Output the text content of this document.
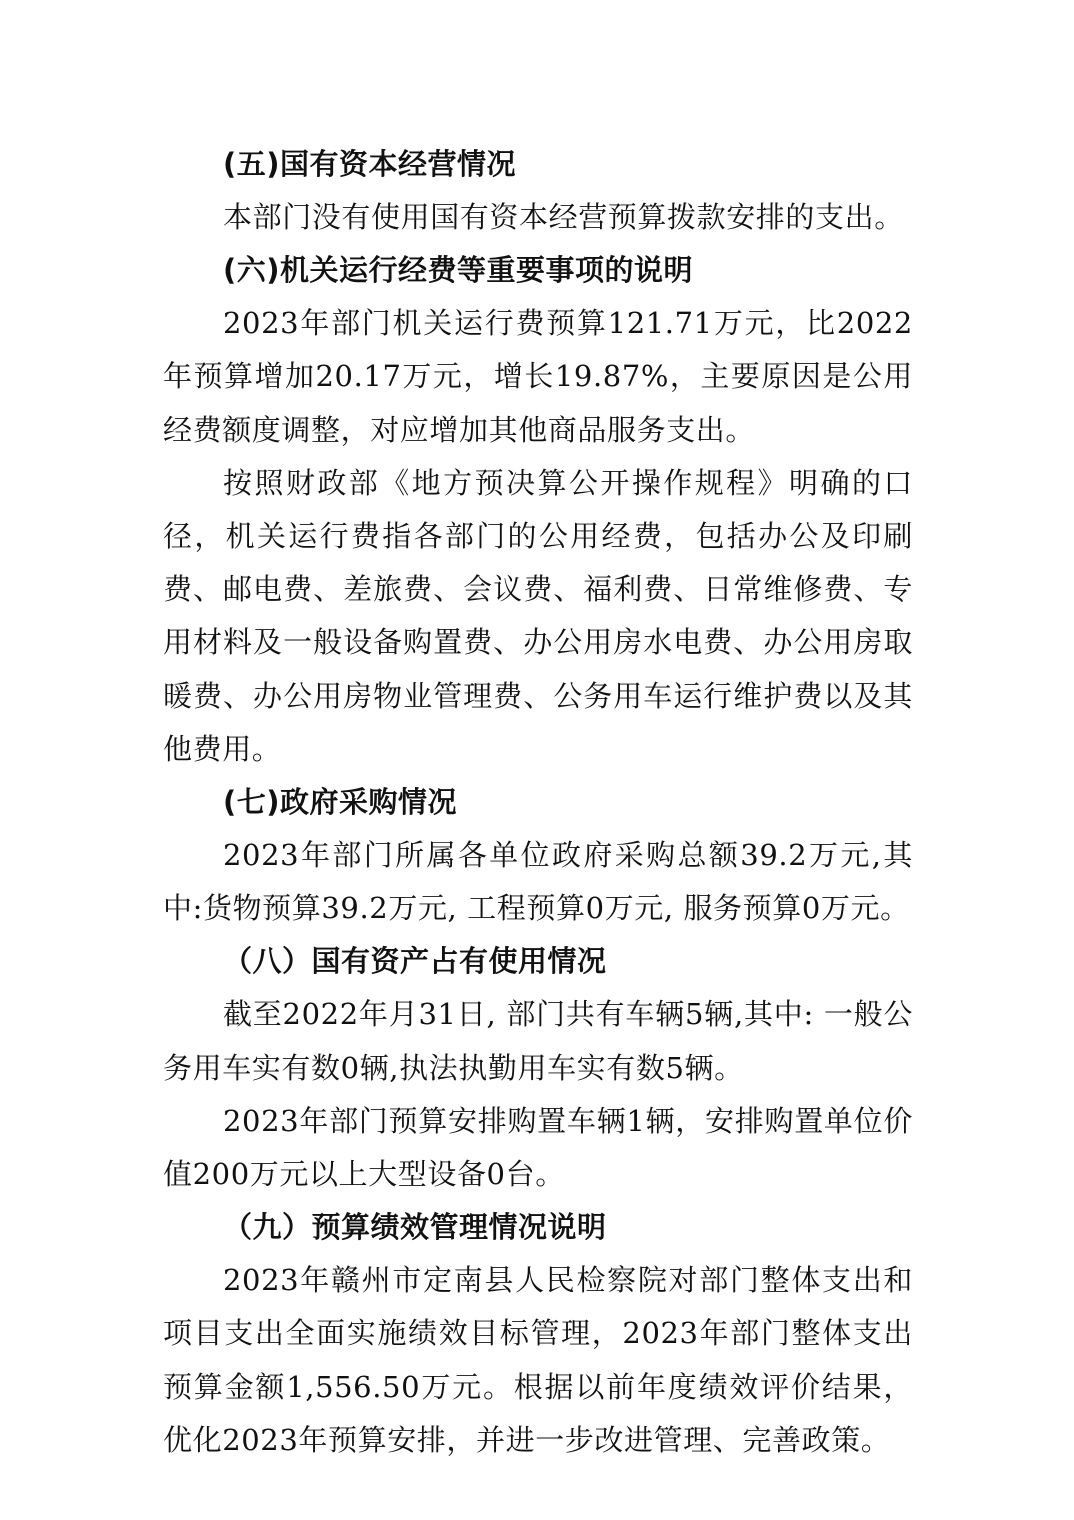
(五)国有资本经营情况

本部门没有使用国有资本经营预算拨款安排的支出。

(六)机关运行经费等重要事项的说明

2023年部门机关运行费预算121.71万元，比2022年预算增加20.17万元，增长19.87%，主要原因是公用经费额度调整，对应增加其他商品服务支出。

按照财政部《地方预决算公开操作规程》明确的口径，机关运行费指各部门的公用经费，包括办公及印刷费、邮电费、差旅费、会议费、福利费、日常维修费、专用材料及一般设备购置费、办公用房水电费、办公用房取暖费、办公用房物业管理费、公务用车运行维护费以及其他费用。

(七)政府采购情况

2023年部门所属各单位政府采购总额39.2万元,其中:货物预算39.2万元, 工程预算0万元, 服务预算0万元。

（八）国有资产占有使用情况

截至2022年月31日, 部门共有车辆5辆,其中: 一般公务用车实有数0辆,执法执勤用车实有数5辆。

2023年部门预算安排购置车辆1辆，安排购置单位价值200万元以上大型设备0台。

（九）预算绩效管理情况说明

2023年赣州市定南县人民检察院对部门整体支出和项目支出全面实施绩效目标管理，2023年部门整体支出预算金额1,556.50万元。根据以前年度绩效评价结果，优化2023年预算安排，并进一步改进管理、完善政策。
